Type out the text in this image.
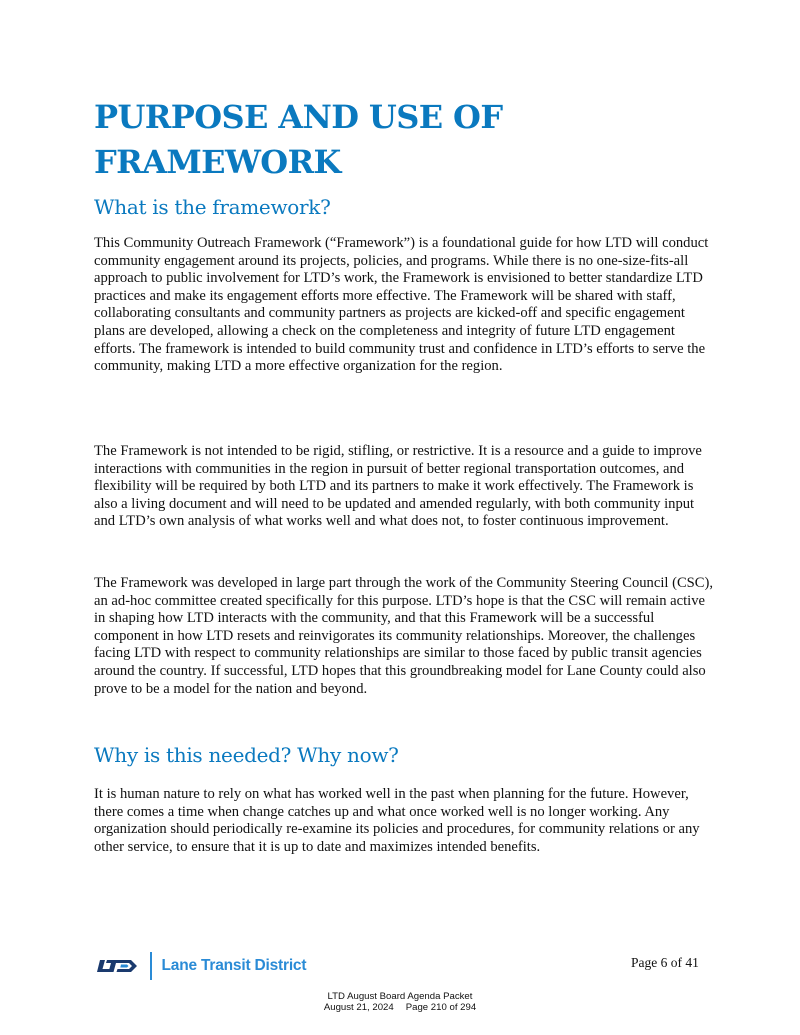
PURPOSE AND USE OF FRAMEWORK
What is the framework?

This Community Outreach Framework (“Framework”) is a foundational guide for how LTD will conduct community engagement around its projects, policies, and programs. While there is no one-size-fits-all approach to public involvement for LTD’s work, the Framework is envisioned to better standardize LTD practices and make its engagement efforts more effective. The Framework will be shared with staff, collaborating consultants and community partners as projects are kicked-off and specific engagement plans are developed, allowing a check on the completeness and integrity of future LTD engagement efforts. The framework is intended to build community trust and confidence in LTD’s efforts to serve the community, making LTD a more effective organization for the region.

The Framework is not intended to be rigid, stifling, or restrictive. It is a resource and a guide to improve interactions with communities in the region in pursuit of better regional transportation outcomes, and flexibility will be required by both LTD and its partners to make it work effectively. The Framework is also a living document and will need to be updated and amended regularly, with both community input and LTD’s own analysis of what works well and what does not, to foster continuous improvement.

The Framework was developed in large part through the work of the Community Steering Council (CSC), an ad-hoc committee created specifically for this purpose. LTD’s hope is that the CSC will remain active in shaping how LTD interacts with the community, and that this Framework will be a successful component in how LTD resets and reinvigorates its community relationships. Moreover, the challenges facing LTD with respect to community relationships are similar to those faced by public transit agencies around the country. If successful, LTD hopes that this groundbreaking model for Lane County could also prove to be a model for the nation and beyond.

Why is this needed? Why now?

It is human nature to rely on what has worked well in the past when planning for the future. However, there comes a time when change catches up and what once worked well is no longer working. Any organization should periodically re-examine its policies and procedures, for community relations or any other service, to ensure that it is up to date and maximizes intended benefits.

Lane Transit District	Page 6 of 41
LTD August Board Agenda Packet
August 21, 2024 Page 210 of 294
